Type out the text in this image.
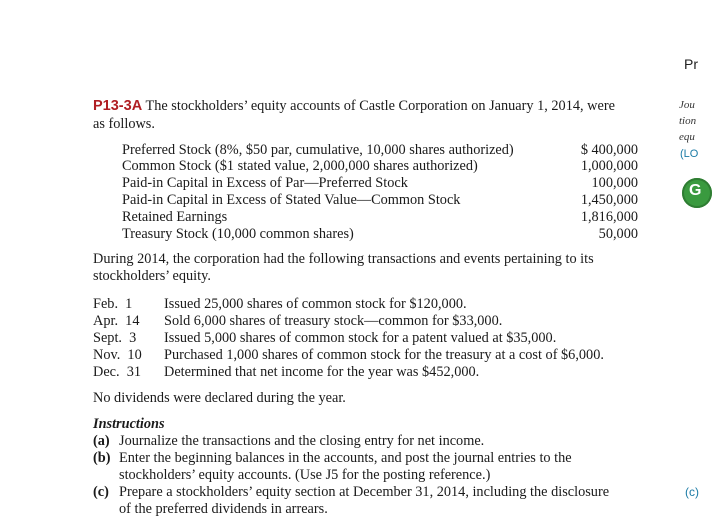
Pr
P13-3A The stockholders’ equity accounts of Castle Corporation on January 1, 2014, were
as follows.
Preferred Stock (8%, $50 par, cumulative, 10,000 shares authorized)	$ 400,000
Common Stock ($1 stated value, 2,000,000 shares authorized)	1,000,000
Paid-in Capital in Excess of Par—Preferred Stock	100,000
Paid-in Capital in Excess of Stated Value—Common Stock	1,450,000
Retained Earnings	1,816,000
Treasury Stock (10,000 common shares)	50,000
During 2014, the corporation had the following transactions and events pertaining to its
stockholders’ equity.
Feb.  1 Issued 25,000 shares of common stock for $120,000.
Apr.  14 Sold 6,000 shares of treasury stock—common for $33,000.
Sept.  3 Issued 5,000 shares of common stock for a patent valued at $35,000.
Nov.  10 Purchased 1,000 shares of common stock for the treasury at a cost of $6,000.
Dec.  31 Determined that net income for the year was $452,000.
No dividends were declared during the year.
Instructions
(a) Journalize the transactions and the closing entry for net income.
(b) Enter the beginning balances in the accounts, and post the journal entries to the
stockholders’ equity accounts. (Use J5 for the posting reference.)
(c) Prepare a stockholders’ equity section at December 31, 2014, including the disclosure
of the preferred dividends in arrears.
Jou
tion
equ
(LO
G
(c)
